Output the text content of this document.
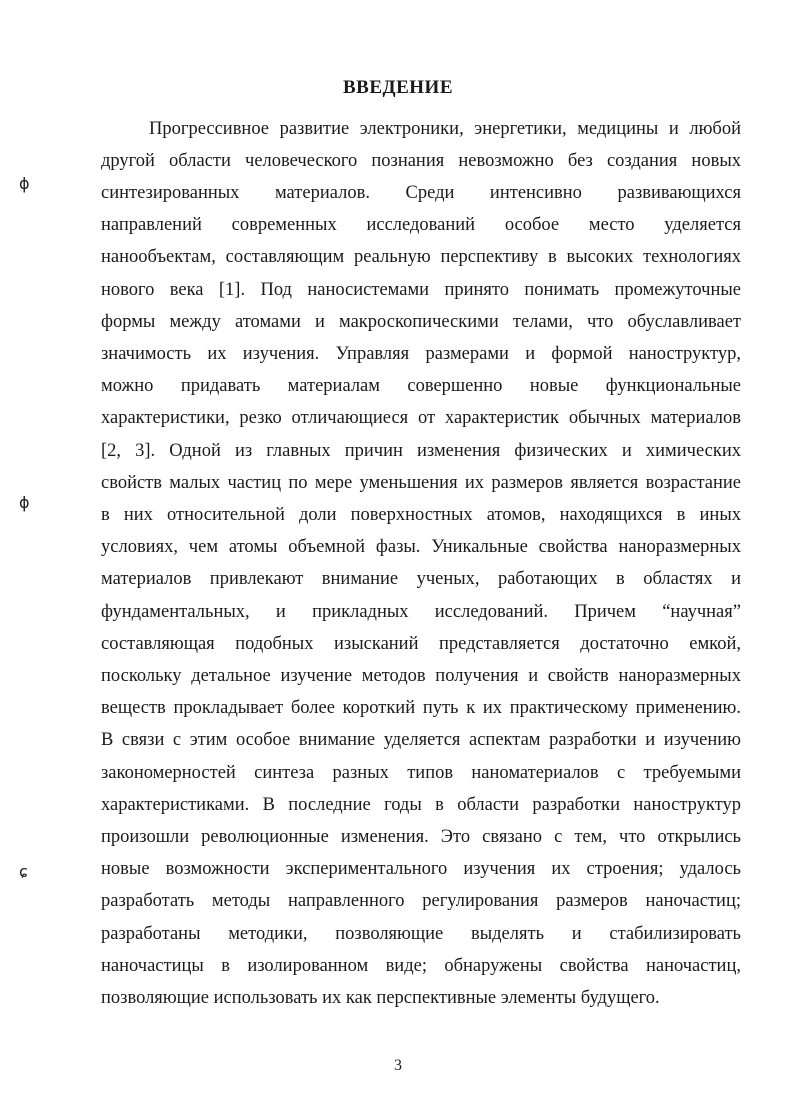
ɸ
ɸ
ɕ
ВВЕДЕНИЕ
Прогрессивное развитие электроники, энергетики, медицины и любой
другой области человеческого познания невозможно без создания новых
синтезированных материалов. Среди интенсивно развивающихся
направлений современных исследований особое место уделяется
нанообъектам, составляющим реальную перспективу в высоких технологиях
нового века [1]. Под наносистемами принято понимать промежуточные
формы между атомами и макроскопическими телами, что обуславливает
значимость их изучения. Управляя размерами и формой наноструктур,
можно придавать материалам совершенно новые функциональные
характеристики, резко отличающиеся от характеристик обычных материалов
[2, 3]. Одной из главных причин изменения физических и химических
свойств малых частиц по мере уменьшения их размеров является возрастание
в них относительной доли поверхностных атомов, находящихся в иных
условиях, чем атомы объемной фазы. Уникальные свойства наноразмерных
материалов привлекают внимание ученых, работающих в областях и
фундаментальных, и прикладных исследований. Причем “научная”
составляющая подобных изысканий представляется достаточно емкой,
поскольку детальное изучение методов получения и свойств наноразмерных
веществ прокладывает более короткий путь к их практическому применению.
В связи с этим особое внимание уделяется аспектам разработки и изучению
закономерностей синтеза разных типов наноматериалов с требуемыми
характеристиками. В последние годы в области разработки наноструктур
произошли революционные изменения. Это связано с тем, что открылись
новые возможности экспериментального изучения их строения; удалось
разработать методы направленного регулирования размеров наночастиц;
разработаны методики, позволяющие выделять и стабилизировать
наночастицы в изолированном виде; обнаружены свойства наночастиц,
позволяющие использовать их как перспективные элементы будущего.
3
